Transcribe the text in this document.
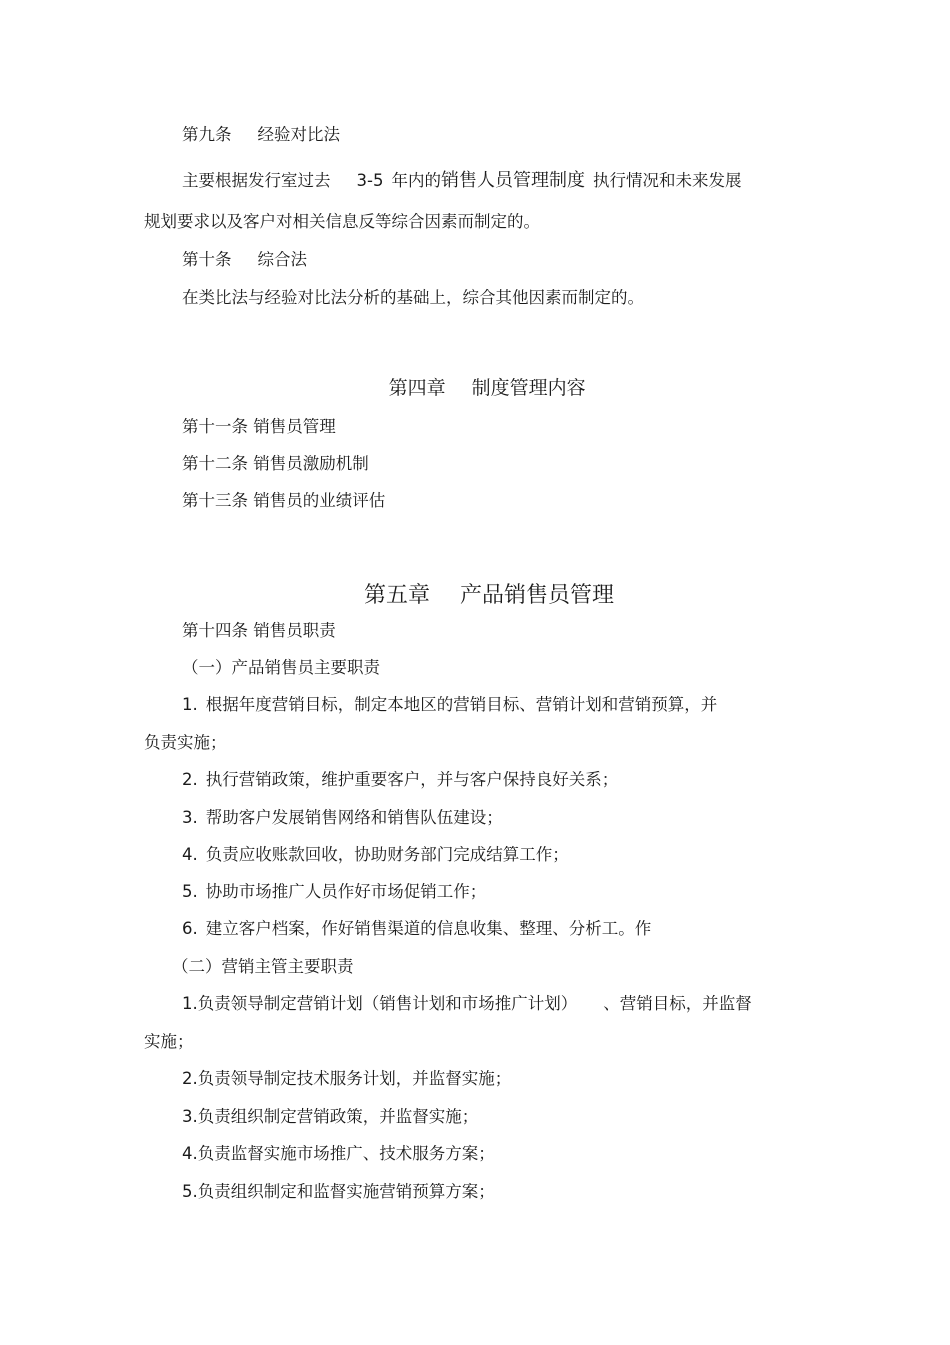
第九条 经验对比法
主要根据发行室过去 3-5 年内的销售人员管理制度 执行情况和未来发展
规划要求以及客户对相关信息反等综合因素而制定的。
第十条 综合法
在类比法与经验对比法分析的基础上，综合其他因素而制定的。

第四章 制度管理内容

第十一条 销售员管理
第十二条 销售员激励机制
第十三条 销售员的业绩评估

第五章 产品销售员管理

第十四条 销售员职责
（一）产品销售员主要职责
1. 根据年度营销目标，制定本地区的营销目标、营销计划和营销预算，并
负责实施；
2. 执行营销政策，维护重要客户，并与客户保持良好关系；
3. 帮助客户发展销售网络和销售队伍建设；
4. 负责应收账款回收，协助财务部门完成结算工作；
5. 协助市场推广人员作好市场促销工作；
6. 建立客户档案，作好销售渠道的信息收集、整理、分析工。作
（二）营销主管主要职责
1.负责领导制定营销计划（销售计划和市场推广计划） 、营销目标，并监督
实施；
2.负责领导制定技术服务计划，并监督实施；
3.负责组织制定营销政策，并监督实施；
4.负责监督实施市场推广、技术服务方案；
5.负责组织制定和监督实施营销预算方案；
